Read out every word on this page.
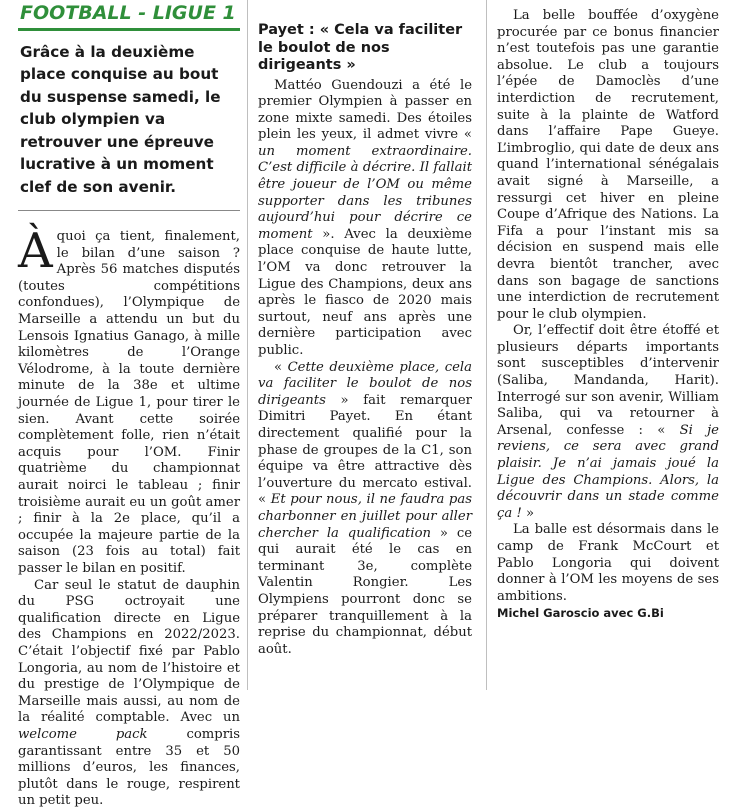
FOOTBALL - LIGUE 1
Grâce à la deuxième place conquise au bout du suspense samedi, le club olympien va retrouver une épreuve lucrative à un moment clef de son avenir.

À quoi ça tient, finalement, le bilan d’une saison ? Après 56 matches disputés (toutes compétitions confondues), l’Olympique de Marseille a attendu un but du Lensois Ignatius Ganago, à mille kilomètres de l’Orange Vélodrome, à la toute dernière minute de la 38e et ultime journée de Ligue 1, pour tirer le sien. Avant cette soirée complètement folle, rien n’était acquis pour l’OM. Finir quatrième du championnat aurait noirci le tableau ; finir troisième aurait eu un goût amer ; finir à la 2e place, qu’il a occupée la majeure partie de la saison (23 fois au total) fait passer le bilan en positif.

Car seul le statut de dauphin du PSG octroyait une qualification directe en Ligue des Champions en 2022/2023. C’était l’objectif fixé par Pablo Longoria, au nom de l’histoire et du prestige de l’Olympique de Marseille mais aussi, au nom de la réalité comptable. Avec un welcome pack	compris garantissant entre 35 et 50 millions d’euros, les finances, plutôt dans le rouge, respirent un petit peu.

Payet : « Cela va faciliter le boulot de nos dirigeants »

Mattéo Guendouzi a été le premier Olympien à passer en zone mixte samedi. Des étoiles plein les yeux, il admet vivre « un moment extraordinaire. C’est difficile à décrire. Il fallait être joueur de l’OM ou même supporter dans les tribunes aujourd’hui pour décrire ce moment ». Avec la deuxième place conquise de haute lutte, l’OM va donc retrouver la Ligue des Champions, deux ans après le fiasco de 2020 mais surtout, neuf ans après une dernière participation avec public.

« Cette deuxième place, cela va faciliter le boulot de nos dirigeants » fait remarquer Dimitri Payet. En étant directement qualifié pour la phase de groupes de la C1, son équipe va être attractive dès l’ouverture du mercato estival. « Et pour nous, il ne faudra pas charbonner en juillet pour aller chercher la qualification » ce qui aurait été le cas en terminant 3e, complète Valentin Rongier. Les Olympiens pourront donc se préparer tranquillement à la reprise du championnat, début août.

La belle bouffée d’oxygène procurée par ce bonus financier n’est toutefois pas une garantie absolue. Le club a toujours l’épée de Damoclès d’une interdiction de recrutement, suite à la plainte de Watford dans l’affaire Pape Gueye. L’imbroglio, qui date de deux ans quand l’international sénégalais avait signé à Marseille, a ressurgi cet hiver en pleine Coupe d’Afrique des Nations. La Fifa a pour l’instant mis sa décision en suspend mais elle devra bientôt trancher, avec dans son bagage de sanctions une interdiction de recrutement pour le club olympien.

Or, l’effectif doit être étoffé et plusieurs départs importants sont susceptibles d’intervenir (Saliba, Mandanda, Harit). Interrogé sur son avenir, William Saliba, qui va retourner à Arsenal, confesse : « Si je reviens, ce sera avec grand plaisir. Je n’ai jamais joué la Ligue des Champions. Alors, la découvrir dans un stade comme ça ! »

La balle est désormais dans le camp de Frank McCourt et Pablo Longoria qui doivent donner à l’OM les moyens de ses ambitions.

Michel Garoscio avec G.Bi
